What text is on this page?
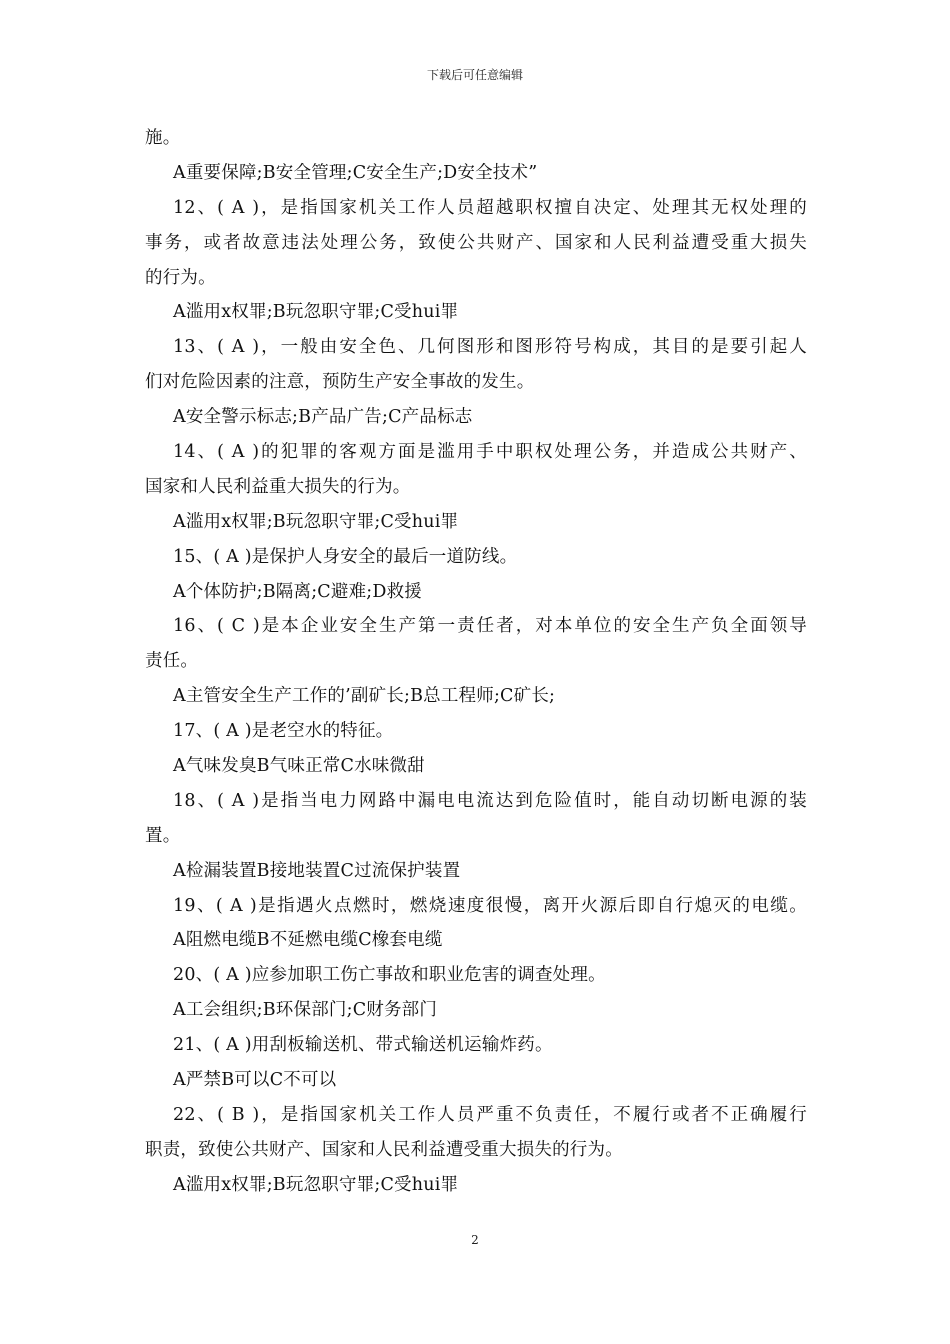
下载后可任意编辑
施。
A重要保障;B安全管理;C安全生产;D安全技术”
12、( A )，是指国家机关工作人员超越职权擅自决定、处理其无权处理的
事务，或者故意违法处理公务，致使公共财产、国家和人民利益遭受重大损失
的行为。
A滥用x权罪;B玩忽职守罪;C受hui罪
13、( A )，一般由安全色、几何图形和图形符号构成，其目的是要引起人
们对危险因素的注意，预防生产安全事故的发生。
A安全警示标志;B产品广告;C产品标志
14、( A )的犯罪的客观方面是滥用手中职权处理公务，并造成公共财产、
国家和人民利益重大损失的行为。
A滥用x权罪;B玩忽职守罪;C受hui罪
15、( A )是保护人身安全的最后一道防线。
A个体防护;B隔离;C避难;D救援
16、( C )是本企业安全生产第一责任者，对本单位的安全生产负全面领导
责任。
A主管安全生产工作的’副矿长;B总工程师;C矿长;
17、( A )是老空水的特征。
A气味发臭B气味正常C水味微甜
18、( A )是指当电力网路中漏电电流达到危险值时，能自动切断电源的装
置。
A检漏装置B接地装置C过流保护装置
19、( A )是指遇火点燃时，燃烧速度很慢，离开火源后即自行熄灭的电缆。
A阻燃电缆B不延燃电缆C橡套电缆
20、( A )应参加职工伤亡事故和职业危害的调查处理。
A工会组织;B环保部门;C财务部门
21、( A )用刮板输送机、带式输送机运输炸药。
A严禁B可以C不可以
22、( B )，是指国家机关工作人员严重不负责任，不履行或者不正确履行
职责，致使公共财产、国家和人民利益遭受重大损失的行为。
A滥用x权罪;B玩忽职守罪;C受hui罪
2
